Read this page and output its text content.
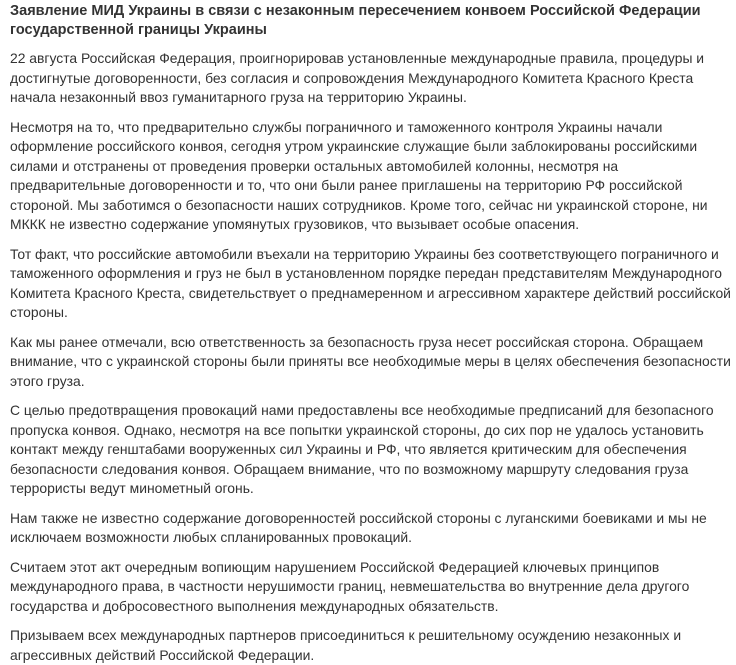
Заявление МИД Украины в связи с незаконным пересечением конвоем Российской Федерации государственной границы Украины

22 августа Российская Федерация, проигнорировав установленные международные правила, процедуры и достигнутые договоренности, без согласия и сопровождения Международного Комитета Красного Креста начала незаконный ввоз гуманитарного груза на территорию Украины.

Несмотря на то, что предварительно службы пограничного и таможенного контроля Украины начали оформление российского конвоя, сегодня утром украинские служащие были заблокированы российскими силами и отстранены от проведения проверки остальных автомобилей колонны, несмотря на предварительные договоренности и то, что они были ранее приглашены на территорию РФ российской стороной. Мы заботимся о безопасности наших сотрудников. Кроме того, сейчас ни украинской стороне, ни МККК не известно содержание упомянутых грузовиков, что вызывает особые опасения.

Тот факт, что российские автомобили въехали на территорию Украины без соответствующего пограничного и таможенного оформления и груз не был в установленном порядке передан представителям Международного Комитета Красного Креста, свидетельствует о преднамеренном и агрессивном характере действий российской стороны.

Как мы ранее отмечали, всю ответственность за безопасность груза несет российская сторона. Обращаем внимание, что с украинской стороны были приняты все необходимые меры в целях обеспечения безопасности этого груза.

С целью предотвращения провокаций нами предоставлены все необходимые предписаний для безопасного пропуска конвоя. Однако, несмотря на все попытки украинской стороны, до сих пор не удалось установить контакт между генштабами вооруженных сил Украины и РФ, что является критическим для обеспечения безопасности следования конвоя. Обращаем внимание, что по возможному маршруту следования груза террористы ведут минометный огонь.

Нам также не известно содержание договоренностей российской стороны с луганскими боевиками и мы не исключаем возможности любых спланированных провокаций.

Считаем этот акт очередным вопиющим нарушением Российской Федерацией ключевых принципов международного права, в частности нерушимости границ, невмешательства во внутренние дела другого государства и добросовестного выполнения международных обязательств.

Призываем всех международных партнеров присоединиться к решительному осуждению незаконных и агрессивных действий Российской Федерации.
